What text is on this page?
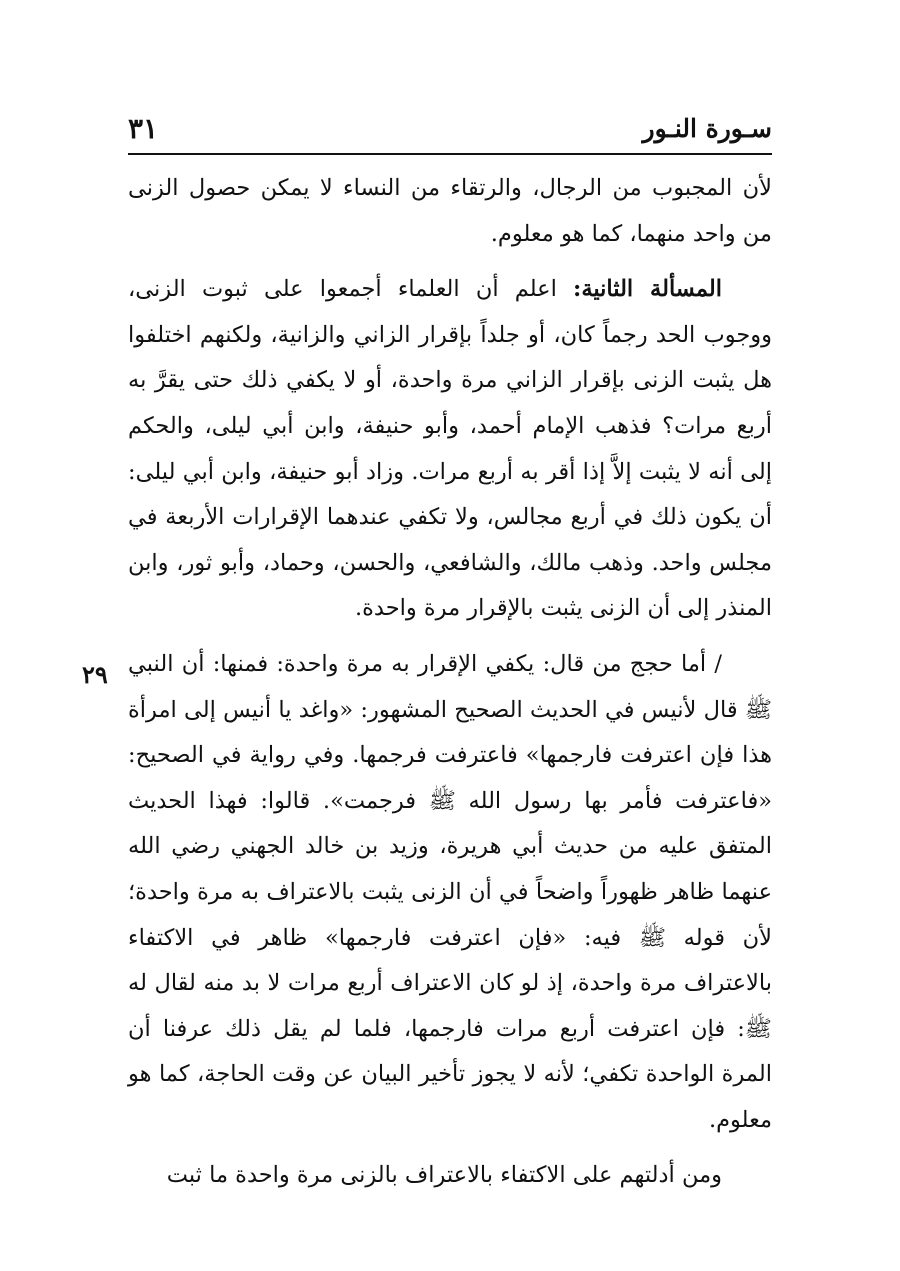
سـورة النـور
٣١
٢٩

لأن المجبوب من الرجال، والرتقاء من النساء لا يمكن حصول الزنى من واحد منهما، كما هو معلوم.

المسألة الثانية: اعلم أن العلماء أجمعوا على ثبوت الزنى، ووجوب الحد رجماً كان، أو جلداً بإقرار الزاني والزانية، ولكنهم اختلفوا هل يثبت الزنى بإقرار الزاني مرة واحدة، أو لا يكفي ذلك حتى يقرَّ به أربع مرات؟ فذهب الإمام أحمد، وأبو حنيفة، وابن أبي ليلى، والحكم إلى أنه لا يثبت إلاَّ إذا أقر به أربع مرات. وزاد أبو حنيفة، وابن أبي ليلى: أن يكون ذلك في أربع مجالس، ولا تكفي عندهما الإقرارات الأربعة في مجلس واحد. وذهب مالك، والشافعي، والحسن، وحماد، وأبو ثور، وابن المنذر إلى أن الزنى يثبت بالإقرار مرة واحدة.

/ أما حجج من قال: يكفي الإقرار به مرة واحدة: فمنها: أن النبي ﷺ قال لأنيس في الحديث الصحيح المشهور: «واغد يا أنيس إلى امرأة هذا فإن اعترفت فارجمها» فاعترفت فرجمها. وفي رواية في الصحيح: «فاعترفت فأمر بها رسول الله ﷺ فرجمت». قالوا: فهذا الحديث المتفق عليه من حديث أبي هريرة، وزيد بن خالد الجهني رضي الله عنهما ظاهر ظهوراً واضحاً في أن الزنى يثبت بالاعتراف به مرة واحدة؛ لأن قوله ﷺ فيه: «فإن اعترفت فارجمها» ظاهر في الاكتفاء بالاعتراف مرة واحدة، إذ لو كان الاعتراف أربع مرات لا بد منه لقال له ﷺ: فإن اعترفت أربع مرات فارجمها، فلما لم يقل ذلك عرفنا أن المرة الواحدة تكفي؛ لأنه لا يجوز تأخير البيان عن وقت الحاجة، كما هو معلوم.

ومن أدلتهم على الاكتفاء بالاعتراف بالزنى مرة واحدة ما ثبت
